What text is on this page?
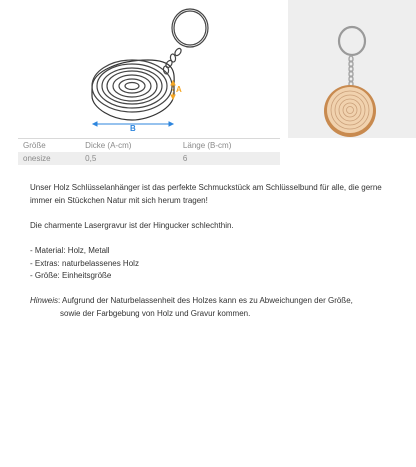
A
B
Größe	Dicke (A-cm)	Länge (B-cm)
onesize	0,5	6

Unser Holz Schlüsselanhänger ist das perfekte Schmuckstück am Schlüsselbund für alle, die gerne immer ein Stückchen Natur mit sich herum tragen!

Die charmente Lasergravur ist der Hingucker schlechthin.

- Material: Holz, Metall
- Extras: naturbelassenes Holz
- Größe: Einheitsgröße
Hinweis: Aufgrund der Naturbelassenheit des Holzes kann es zu Abweichungen der Größe,
sowie der Farbgebung von Holz und Gravur kommen.
